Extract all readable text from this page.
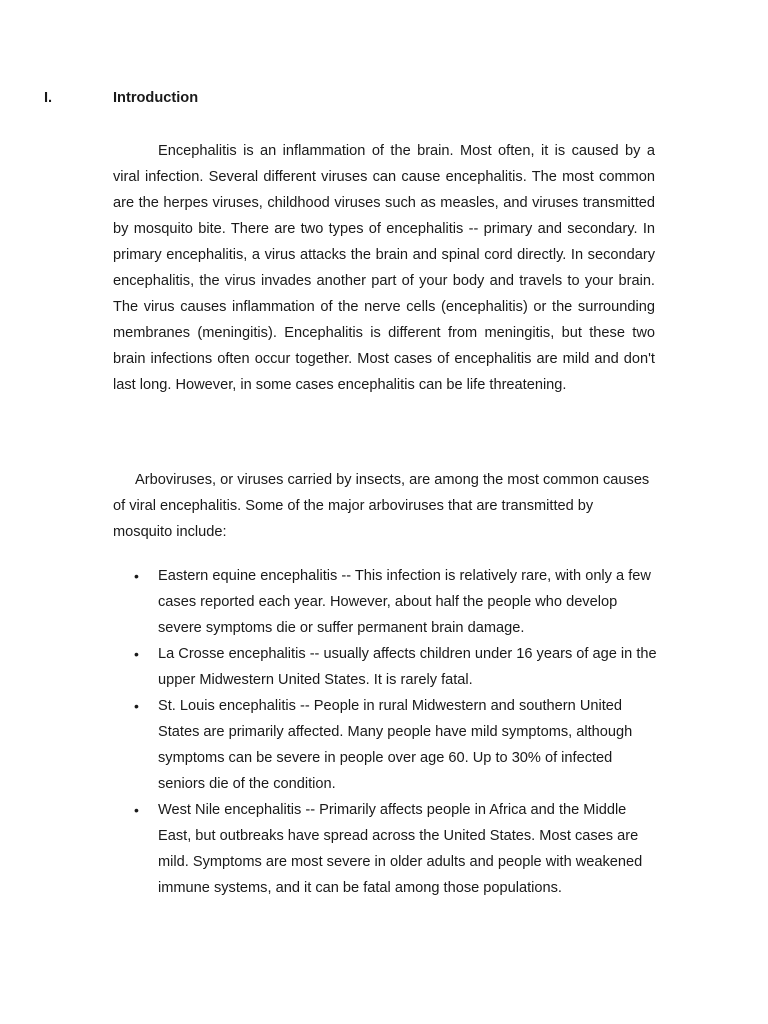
I.	Introduction

Encephalitis is an inflammation of the brain. Most often, it is caused by a viral infection. Several different viruses can cause encephalitis. The most common are the herpes viruses, childhood viruses such as measles, and viruses transmitted by mosquito bite. There are two types of encephalitis -- primary and secondary. In primary encephalitis, a virus attacks the brain and spinal cord directly. In secondary encephalitis, the virus invades another part of your body and travels to your brain. The virus causes inflammation of the nerve cells (encephalitis) or the surrounding membranes (meningitis). Encephalitis is different from meningitis, but these two brain infections often occur together. Most cases of encephalitis are mild and don't last long. However, in some cases encephalitis can be life threatening.

Arboviruses, or viruses carried by insects, are among the most common causes of viral encephalitis. Some of the major arboviruses that are transmitted by mosquito include:

• Eastern equine encephalitis -- This infection is relatively rare, with only a few cases reported each year. However, about half the people who develop severe symptoms die or suffer permanent brain damage.
• La Crosse encephalitis -- usually affects children under 16 years of age in the upper Midwestern United States. It is rarely fatal.
• St. Louis encephalitis -- People in rural Midwestern and southern United States are primarily affected. Many people have mild symptoms, although symptoms can be severe in people over age 60. Up to 30% of infected seniors die of the condition.
• West Nile encephalitis -- Primarily affects people in Africa and the Middle East, but outbreaks have spread across the United States. Most cases are mild. Symptoms are most severe in older adults and people with weakened immune systems, and it can be fatal among those populations.
